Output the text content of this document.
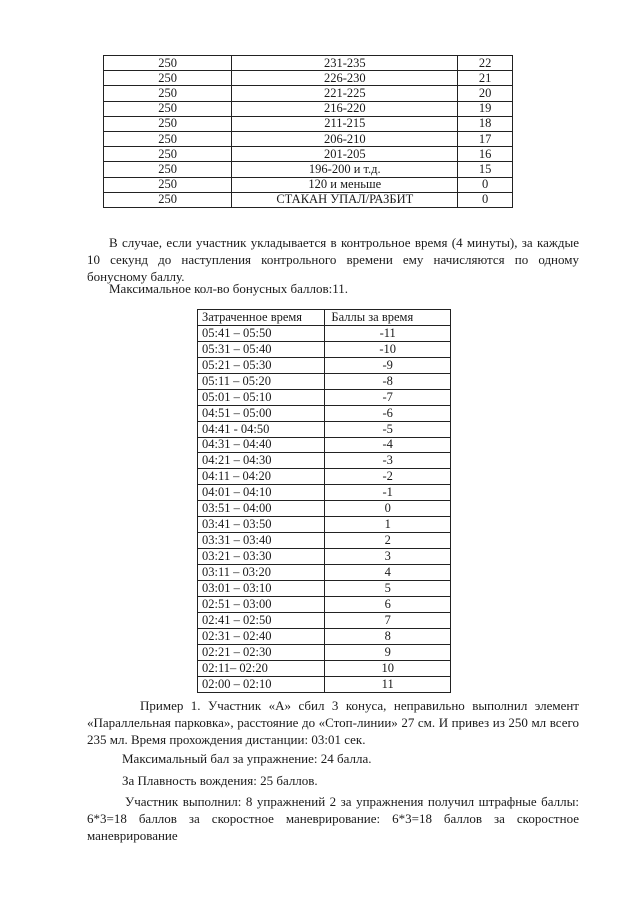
250	231-235	22
250	226-230	21
250	221-225	20
250	216-220	19
250	211-215	18
250	206-210	17
250	201-205	16
250	196-200 и т.д.	15
250	120 и меньше	0
250	СТАКАН УПАЛ/РАЗБИТ	0
В случае, если участник укладывается в контрольное время (4 минуты), за каждые 10 секунд до наступления контрольного времени ему начисляются по одному бонусному баллу.
Максимальное кол-во бонусных баллов:11.
Затраченное время	Баллы за время
05:41 – 05:50	-11
05:31 – 05:40	-10
05:21 – 05:30	-9
05:11 – 05:20	-8
05:01 – 05:10	-7
04:51 – 05:00	-6
04:41 - 04:50	-5
04:31 – 04:40	-4
04:21 – 04:30	-3
04:11 – 04:20	-2
04:01 – 04:10	-1
03:51 – 04:00	0
03:41 – 03:50	1
03:31 – 03:40	2
03:21 – 03:30	3
03:11 – 03:20	4
03:01 – 03:10	5
02:51 – 03:00	6
02:41 – 02:50	7
02:31 – 02:40	8
02:21 – 02:30	9
02:11– 02:20	10
02:00 – 02:10	11
Пример 1. Участник «А» сбил 3 конуса, неправильно выполнил элемент «Параллельная парковка», расстояние до «Стоп-линии» 27 см. И привез из 250 мл всего 235 мл. Время прохождения дистанции: 03:01 сек.
Максимальный бал за упражнение: 24 балла.
За Плавность вождения: 25 баллов.
Участник выполнил: 8 упражнений 2 за упражнения получил штрафные баллы: 6*3=18 баллов за скоростное маневрирование: 6*3=18 баллов за скоростное маневрирование
